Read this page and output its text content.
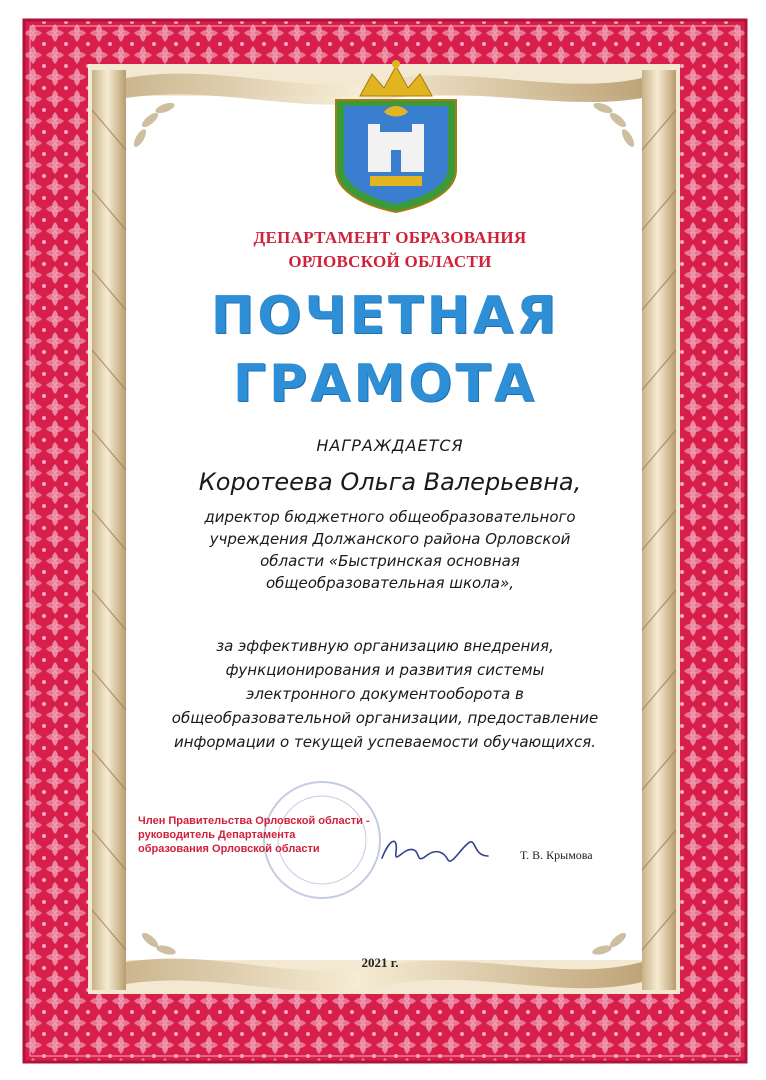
ДЕПАРТАМЕНТ ОБРАЗОВАНИЯ
ОРЛОВСКОЙ ОБЛАСТИ
ПОЧЕТНАЯ
ГРАМОТА
НАГРАЖДАЕТСЯ
Коротеева Ольга Валерьевна,
директор бюджетного общеобразовательного
учреждения Должанского района Орловской
области «Быстринская основная
общеобразовательная школа»,
за эффективную организацию внедрения,
функционирования и развития системы
электронного документооборота в
общеобразовательной организации, предоставление
информации о текущей успеваемости обучающихся.
Член Правительства Орловской области -
руководитель Департамента
образования Орловской области	Т. В. Крымова
2021 г.
